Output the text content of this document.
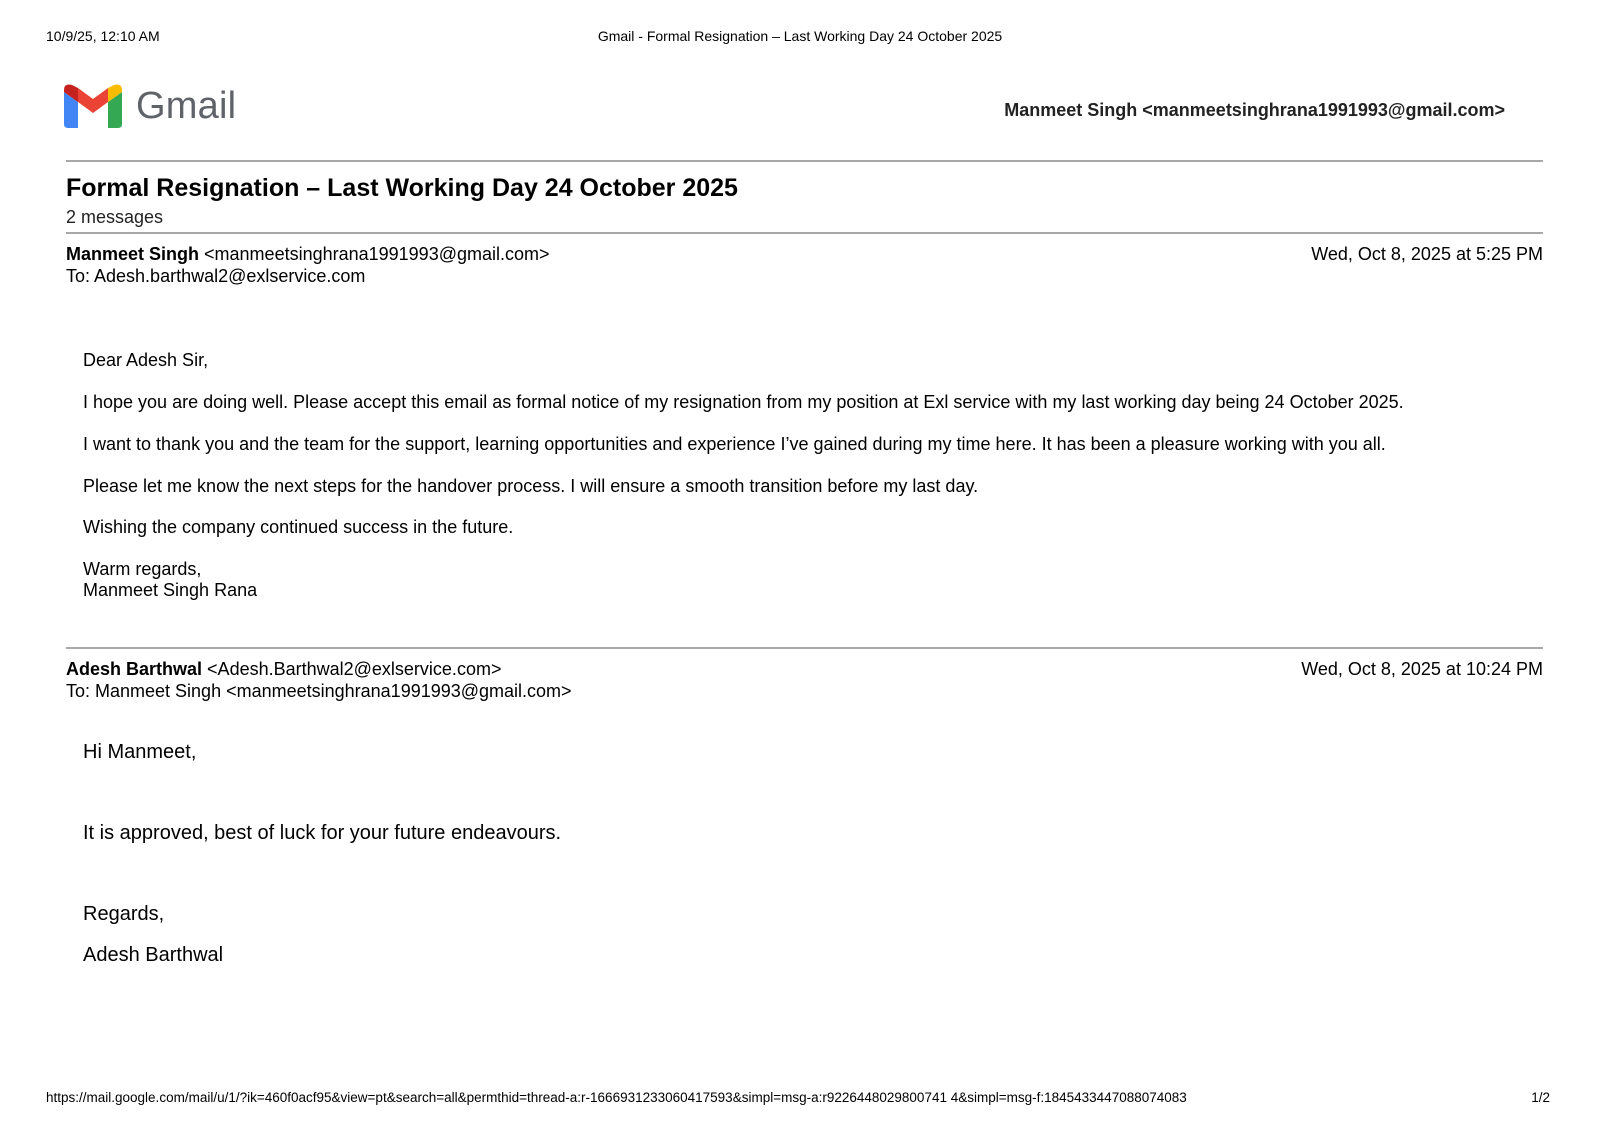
10/9/25, 12:10 AM	Gmail - Formal Resignation – Last Working Day 24 October 2025
Gmail	Manmeet Singh <manmeetsinghrana1991993@gmail.com>
Formal Resignation – Last Working Day 24 October 2025
2 messages
Manmeet Singh <manmeetsinghrana1991993@gmail.com>	Wed, Oct 8, 2025 at 5:25 PM
To: Adesh.barthwal2@exlservice.com

Dear Adesh Sir,

I hope you are doing well. Please accept this email as formal notice of my resignation from my position at Exl service with my last working day being 24 October 2025.

I want to thank you and the team for the support, learning opportunities and experience I’ve gained during my time here. It has been a pleasure working with you all.

Please let me know the next steps for the handover process. I will ensure a smooth transition before my last day.

Wishing the company continued success in the future.

Warm regards,

Manmeet Singh Rana

Adesh Barthwal <Adesh.Barthwal2@exlservice.com>	Wed, Oct 8, 2025 at 10:24 PM
To: Manmeet Singh <manmeetsinghrana1991993@gmail.com>

Hi Manmeet,

It is approved, best of luck for your future endeavours.

Regards,

Adesh Barthwal

https://mail.google.com/mail/u/1/?ik=460f0acf95&view=pt&search=all&permthid=thread-a:r-1666931233060417593&simpl=msg-a:r9226448029800741 4&simpl=msg-f:1845433447088074083	1/2
